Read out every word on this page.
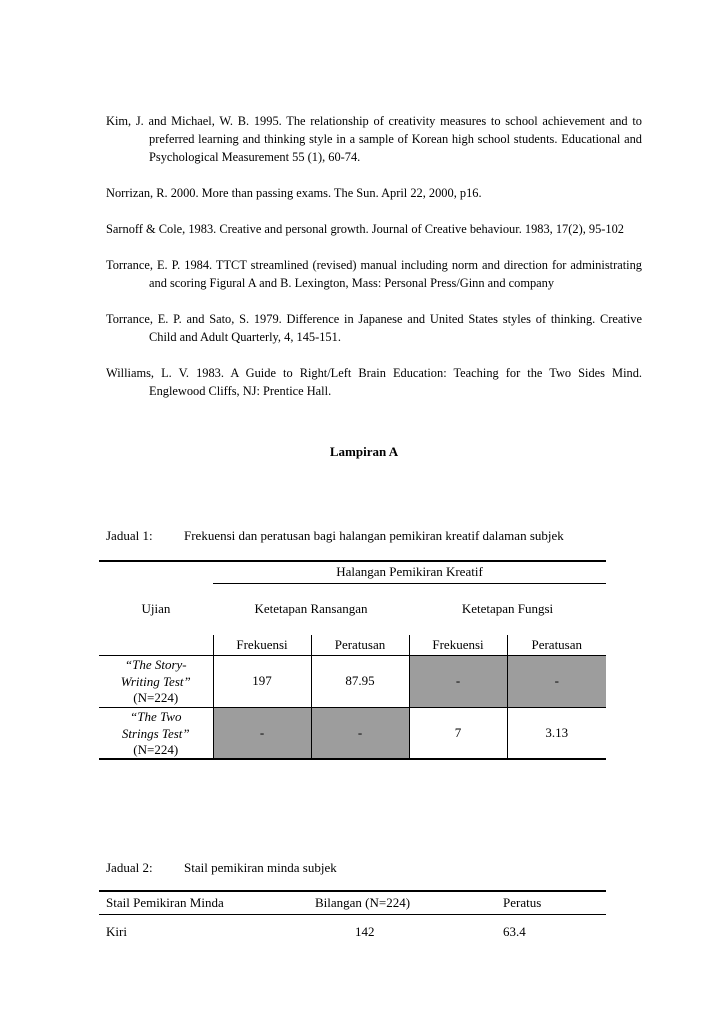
Kim, J. and Michael, W. B. 1995. The relationship of creativity measures to school achievement and to preferred learning and thinking style in a sample of Korean high school students. Educational and Psychological Measurement 55 (1), 60-74.

Norrizan, R. 2000. More than passing exams. The Sun. April 22, 2000, p16.

Sarnoff & Cole, 1983. Creative and personal growth. Journal of Creative behaviour. 1983, 17(2), 95-102

Torrance, E. P. 1984. TTCT streamlined (revised) manual including norm and direction for administrating and scoring Figural A and B. Lexington, Mass: Personal Press/Ginn and company

Torrance, E. P. and Sato, S. 1979. Difference in Japanese and United States styles of thinking. Creative Child and Adult Quarterly, 4, 145-151.

Williams, L. V. 1983. A Guide to Right/Left Brain Education: Teaching for the Two Sides Mind. Englewood Cliffs, NJ: Prentice Hall.

Lampiran A
Jadual 1: Frekuensi dan peratusan bagi halangan pemikiran kreatif dalaman subjek
	Halangan Pemikiran Kreatif			
Ujian	Ketetapan Ransangan		Ketetapan Fungsi	
	Frekuensi	Peratusan	Frekuensi	Peratusan

“The Story-
Writing Test”
(N=224)	197	87.95	-	-

“The Two
Strings Test”
(N=224)	-	-	7	3.13
Jadual 2: Stail pemikiran minda subjek
Stail Pemikiran Minda	Bilangan (N=224)	Peratus
Kiri	142	63.4
